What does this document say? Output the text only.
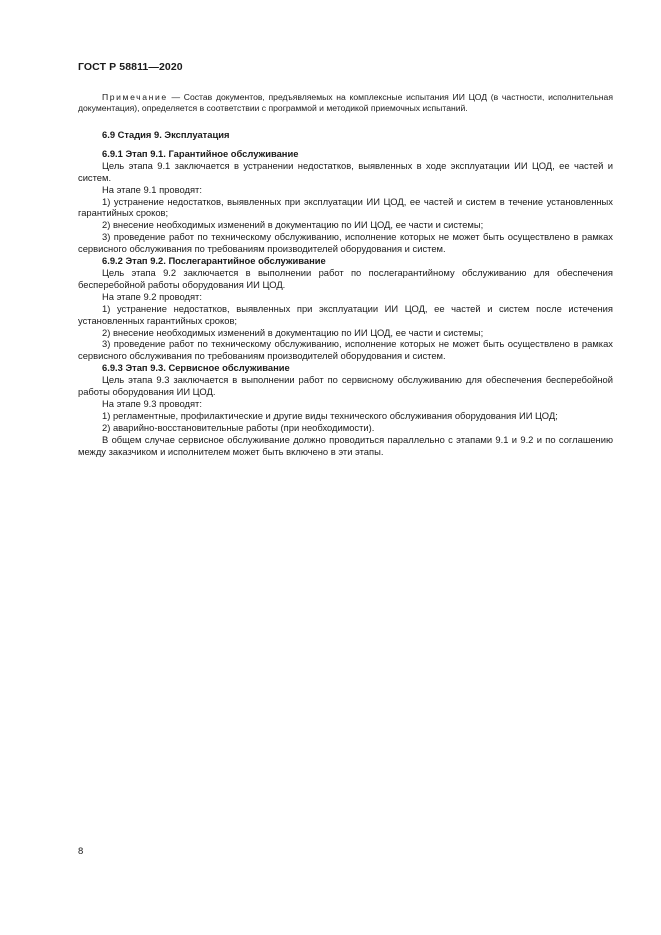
ГОСТ Р 58811—2020

Примечание — Состав документов, предъявляемых на комплексные испытания ИИ ЦОД (в частности, исполнительная документация), определяется в соответствии с программой и методикой приемочных испытаний.

6.9 Стадия 9. Эксплуатация
6.9.1 Этап 9.1. Гарантийное обслуживание

Цель этапа 9.1 заключается в устранении недостатков, выявленных в ходе эксплуатации ИИ ЦОД, ее частей и систем.

На этапе 9.1 проводят:

1) устранение недостатков, выявленных при эксплуатации ИИ ЦОД, ее частей и систем в течение установленных гарантийных сроков;

2) внесение необходимых изменений в документацию по ИИ ЦОД, ее части и системы;

3) проведение работ по техническому обслуживанию, исполнение которых не может быть осуществлено в рамках сервисного обслуживания по требованиям производителей оборудования и систем.

6.9.2 Этап 9.2. Послегарантийное обслуживание

Цель этапа 9.2 заключается в выполнении работ по послегарантийному обслуживанию для обеспечения бесперебойной работы оборудования ИИ ЦОД.

На этапе 9.2 проводят:

1) устранение недостатков, выявленных при эксплуатации ИИ ЦОД, ее частей и систем после истечения установленных гарантийных сроков;

2) внесение необходимых изменений в документацию по ИИ ЦОД, ее части и системы;

3) проведение работ по техническому обслуживанию, исполнение которых не может быть осуществлено в рамках сервисного обслуживания по требованиям производителей оборудования и систем.

6.9.3 Этап 9.3. Сервисное обслуживание

Цель этапа 9.3 заключается в выполнении работ по сервисному обслуживанию для обеспечения бесперебойной работы оборудования ИИ ЦОД.

На этапе 9.3 проводят:

1) регламентные, профилактические и другие виды технического обслуживания оборудования ИИ ЦОД;

2) аварийно-восстановительные работы (при необходимости).

В общем случае сервисное обслуживание должно проводиться параллельно с этапами 9.1 и 9.2 и по соглашению между заказчиком и исполнителем может быть включено в эти этапы.

8
